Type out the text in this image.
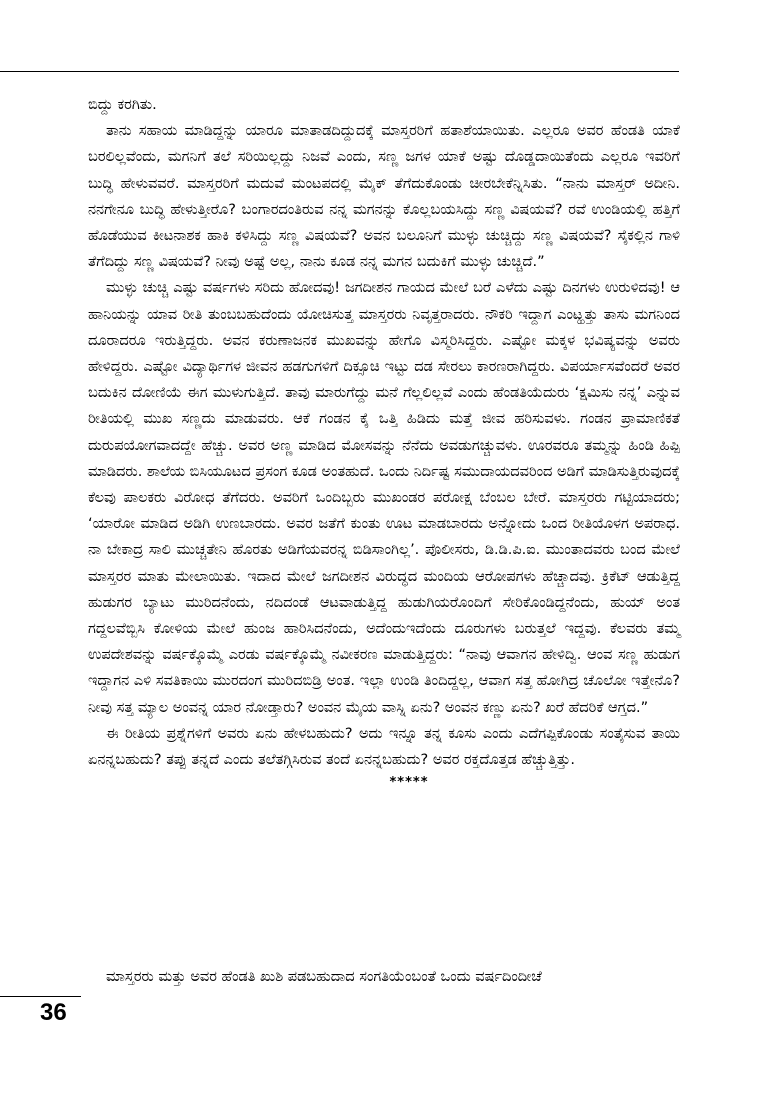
ಬಿದ್ದು ಕರಗಿತು.

ತಾನು ಸಹಾಯ ಮಾಡಿದ್ದನ್ನು ಯಾರೂ ಮಾತಾಡದಿದ್ದುದಕ್ಕೆ ಮಾಸ್ತರರಿಗೆ ಹತಾಶೆಯಾಯಿತು. ಎಲ್ಲರೂ ಅವರ ಹೆಂಡತಿ ಯಾಕೆ ಬರಲಿಲ್ಲವೆಂದು, ಮಗನಿಗೆ ತಲೆ ಸರಿಯಿಲ್ಲದ್ದು ನಿಜವೆ ಎಂದು, ಸಣ್ಣ ಜಗಳ ಯಾಕೆ ಅಷ್ಟು ದೊಡ್ಡದಾಯಿತೆಂದು ಎಲ್ಲರೂ ಇವರಿಗೆ ಬುದ್ಧಿ ಹೇಳುವವರೆ. ಮಾಸ್ತರರಿಗೆ ಮದುವೆ ಮಂಟಪದಲ್ಲಿ ಮೈಕ್ ತೆಗೆದುಕೊಂಡು ಚೀರಬೇಕೆನ್ನಿಸಿತು. “ನಾನು ಮಾಸ್ತರ್ ಅದೀನಿ. ನನಗೇನೂ ಬುದ್ಧಿ ಹೇಳುತ್ತೀರೊ? ಬಂಗಾರದಂತಿರುವ ನನ್ನ ಮಗನನ್ನು ಕೊಲ್ಲಬಯಸಿದ್ದು ಸಣ್ಣ ವಿಷಯವೆ? ರವೆ ಉಂಡಿಯಲ್ಲಿ ಹತ್ತಿಗೆ ಹೊಡೆಯುವ ಕೀಟನಾಶಕ ಹಾಕಿ ಕಳಿಸಿದ್ದು ಸಣ್ಣ ವಿಷಯವೆ? ಅವನ ಬಲೂನಿಗೆ ಮುಳ್ಳು ಚುಚ್ಚಿದ್ದು ಸಣ್ಣ ವಿಷಯವೆ? ಸೈಕಲ್ಲಿನ ಗಾಳಿ ತೆಗೆದಿದ್ದು ಸಣ್ಣ ವಿಷಯವೆ? ನೀವು ಅಷ್ಟೆ ಅಲ್ಲ, ನಾನು ಕೂಡ ನನ್ನ ಮಗನ ಬದುಕಿಗೆ ಮುಳ್ಳು ಚುಚ್ಚಿದೆ.”

ಮುಳ್ಳು ಚುಚ್ಚಿ ಎಷ್ಟು ವರ್ಷಗಳು ಸರಿದು ಹೋದವು! ಜಗದೀಶನ ಗಾಯದ ಮೇಲೆ ಬರೆ ಎಳೆದು ಎಷ್ಟು ದಿನಗಳು ಉರುಳಿದವು! ಆ ಹಾನಿಯನ್ನು ಯಾವ ರೀತಿ ತುಂಬಬಹುದೆಂದು ಯೋಚಿಸುತ್ತ ಮಾಸ್ತರರು ನಿವೃತ್ತರಾದರು. ನೌಕರಿ ಇದ್ದಾಗ ಎಂಟ್ಹತ್ತು ತಾಸು ಮಗನಿಂದ ದೂರಾದರೂ ಇರುತ್ತಿದ್ದರು. ಅವನ ಕರುಣಾಜನಕ ಮುಖವನ್ನು ಹೇಗೊ ವಿಸ್ಮರಿಸಿದ್ದರು. ಎಷ್ಟೋ ಮಕ್ಕಳ ಭವಿಷ್ಯವನ್ನು ಅವರು ಹೇಳಿದ್ದರು. ಎಷ್ಟೋ ವಿದ್ಯಾರ್ಥಿಗಳ ಜೀವನ ಹಡಗುಗಳಿಗೆ ದಿಕ್ಸೂಚಿ ಇಟ್ಟು ದಡ ಸೇರಲು ಕಾರಣರಾಗಿದ್ದರು. ವಿಪರ್ಯಾಸವೆಂದರೆ ಅವರ ಬದುಕಿನ ದೋಣಿಯೆ ಈಗ ಮುಳುಗುತ್ತಿದೆ. ತಾವು ಮಾರುಗೆದ್ದು ಮನೆ ಗೆಲ್ಲಲಿಲ್ಲವೆ ಎಂದು ಹೆಂಡತಿಯೆದುರು ‘ಕ್ಷಮಿಸು ನನ್ನ’ ಎನ್ನುವ ರೀತಿಯಲ್ಲಿ ಮುಖ ಸಣ್ಣದು ಮಾಡುವರು. ಆಕೆ ಗಂಡನ ಕೈ ಒತ್ತಿ ಹಿಡಿದು ಮತ್ತೆ ಜೀವ ಹರಿಸುವಳು. ಗಂಡನ ಪ್ರಾಮಾಣಿಕತೆ ದುರುಪಯೋಗವಾದದ್ದೇ ಹೆಚ್ಚು. ಅವರ ಅಣ್ಣ ಮಾಡಿದ ಮೋಸವನ್ನು ನೆನೆದು ಅವಡುಗಚ್ಚುವಳು. ಊರವರೂ ತಮ್ಮನ್ನು ಹಿಂಡಿ ಹಿಪ್ಪಿ ಮಾಡಿದರು. ಶಾಲೆಯ ಬಿಸಿಯೂಟದ ಪ್ರಸಂಗ ಕೂಡ ಅಂತಹುದೆ. ಒಂದು ನಿರ್ದಿಷ್ಟ ಸಮುದಾಯದವರಿಂದ ಅಡಿಗೆ ಮಾಡಿಸುತ್ತಿರುವುದಕ್ಕೆ ಕೆಲವು ಪಾಲಕರು ವಿರೋಧ ತೆಗೆದರು. ಅವರಿಗೆ ಒಂದಿಬ್ಬರು ಮುಖಂಡರ ಪರೋಕ್ಷ ಬೆಂಬಲ ಬೇರೆ. ಮಾಸ್ತರರು ಗಟ್ಟಿಯಾದರು; ‘ಯಾರೋ ಮಾಡಿದ ಅಡಿಗಿ ಉಣಬಾರದು. ಅವರ ಜತೆಗೆ ಕುಂತು ಊಟ ಮಾಡಬಾರದು ಅನ್ನೋದು ಒಂದ ರೀತಿಯೊಳಗ ಅಪರಾಧ. ನಾ ಬೇಕಾದ್ರ ಸಾಲಿ ಮುಚ್ಚತೇನಿ ಹೊರತು ಅಡಿಗೆಯವರನ್ನ ಬಿಡಿಸಾಂಗಿಲ್ಲ’. ಪೊಲೀಸರು, ಡಿ.ಡಿ.ಪಿ.ಐ. ಮುಂತಾದವರು ಬಂದ ಮೇಲೆ ಮಾಸ್ತರರ ಮಾತು ಮೇಲಾಯಿತು. ಇದಾದ ಮೇಲೆ ಜಗದೀಶನ ವಿರುದ್ಧದ ಮಂದಿಯ ಆರೋಪಗಳು ಹೆಚ್ಚಾದವು. ಕ್ರಿಕೆಟ್ ಆಡುತ್ತಿದ್ದ ಹುಡುಗರ ಬ್ಯಾಟು ಮುರಿದನೆಂದು, ನದಿದಂಡೆ ಆಟವಾಡುತ್ತಿದ್ದ ಹುಡುಗಿಯರೊಂದಿಗೆ ಸೇರಿಕೊಂಡಿದ್ದನೆಂದು, ಹುಯ್ ಅಂತ ಗದ್ದಲವೆಬ್ಬಿಸಿ ಕೋಳಿಯ ಮೇಲೆ ಹುಂಜ ಹಾರಿಸಿದನೆಂದು, ಅದೆಂದುಇದೆಂದು ದೂರುಗಳು ಬರುತ್ತಲೆ ಇದ್ದವು. ಕೆಲವರು ತಮ್ಮ ಉಪದೇಶವನ್ನು ವರ್ಷಕ್ಕೊಮ್ಮೆ ಎರಡು ವರ್ಷಕ್ಕೊಮ್ಮೆ ನವೀಕರಣ ಮಾಡುತ್ತಿದ್ದರು: “ನಾವು ಆವಾಗನ ಹೇಳಿದ್ವಿ. ಆಂವ ಸಣ್ಣ ಹುಡುಗ ಇದ್ದಾಗನ ಎಳಿ ಸವತಿಕಾಯಿ ಮುರದಂಗ ಮುರಿದಬಿಡ್ರಿ ಅಂತ. ಇಲ್ಲಾ ಉಂಡಿ ತಿಂದಿದ್ದಲ್ಲ, ಆವಾಗ ಸತ್ತ ಹೋಗಿದ್ರ ಚೊಲೋ ಇತ್ತೇನೊ? ನೀವು ಸತ್ತ ಮ್ಯಾಲ ಅಂವನ್ನ ಯಾರ ನೋಡ್ತಾರು? ಅಂವನ ಮೈಯ ವಾಸ್ನಿ ಏನು? ಅಂವನ ಕಣ್ಣು ಏನು? ಖರೆ ಹೆದರಿಕೆ ಆಗ್ತದ.”

ಈ ರೀತಿಯ ಪ್ರಶ್ನೆಗಳಿಗೆ ಅವರು ಏನು ಹೇಳಬಹುದು? ಅದು ಇನ್ನೂ ತನ್ನ ಕೂಸು ಎಂದು ಎದೆಗಪ್ಪಿಕೊಂಡು ಸಂತೈಸುವ ತಾಯಿ ಏನನ್ನಬಹುದು? ತಪ್ಪು ತನ್ನದೆ ಎಂದು ತಲೆತಗ್ಗಿಸಿರುವ ತಂದೆ ಏನನ್ನಬಹುದು? ಅವರ ರಕ್ತದೊತ್ತಡ ಹೆಚ್ಚುತ್ತಿತ್ತು.

*****
ಮಾಸ್ತರರು ಮತ್ತು ಅವರ ಹೆಂಡತಿ ಖುಶಿ ಪಡಬಹುದಾದ ಸಂಗತಿಯೆಂಬಂತೆ ಒಂದು ವರ್ಷದಿಂದೀಚೆ
36
